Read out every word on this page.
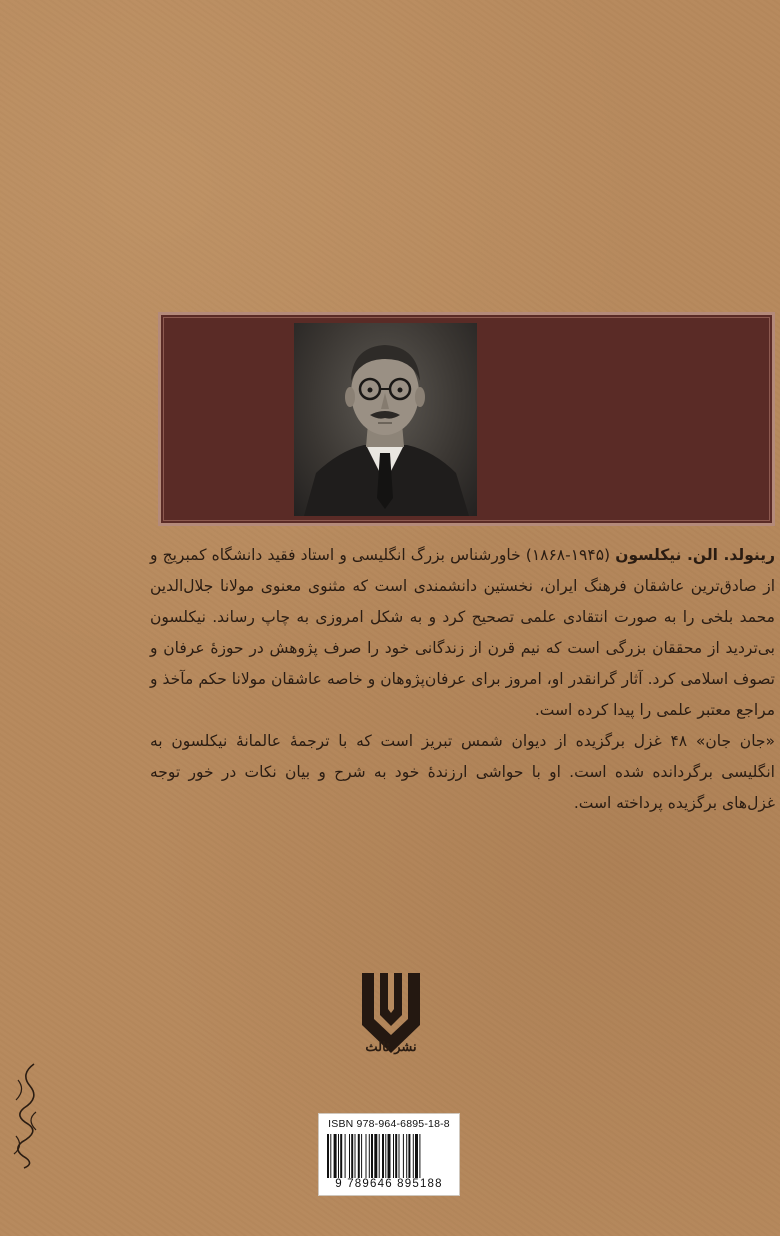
رینولد. الن. نیکلسون (۱۹۴۵-۱۸۶۸) خاورشناس بزرگ انگلیسی و استاد فقید دانشگاه کمبریج و از صادق‌ترین عاشقان فرهنگ ایران، نخستین دانشمندی است که مثنوی معنوی مولانا جلال‌الدین محمد بلخی را به صورت انتقادی علمی تصحیح کرد و به شکل امروزی به چاپ رساند. نیکلسون بی‌تردید از محققان بزرگی است که نیم قرن از زندگانی خود را صرف پژوهش در حوزهٔ عرفان و تصوف اسلامی کرد. آثار گرانقدر او، امروز برای عرفان‌پژوهان و خاصه عاشقان مولانا حکم مآخذ و مراجع معتبر علمی را پیدا کرده است.

«جان جان» ۴۸ غزل برگزیده از دیوان شمس تبریز است که با ترجمهٔ عالمانهٔ نیکلسون به انگلیسی برگردانده شده است. او با حواشی ارزندهٔ خود به شرح و بیان نکات در خور توجه غزل‌های برگزیده پرداخته است.

نشر ثالث
ISBN 978-964-6895-18-8
9 789646 895188
